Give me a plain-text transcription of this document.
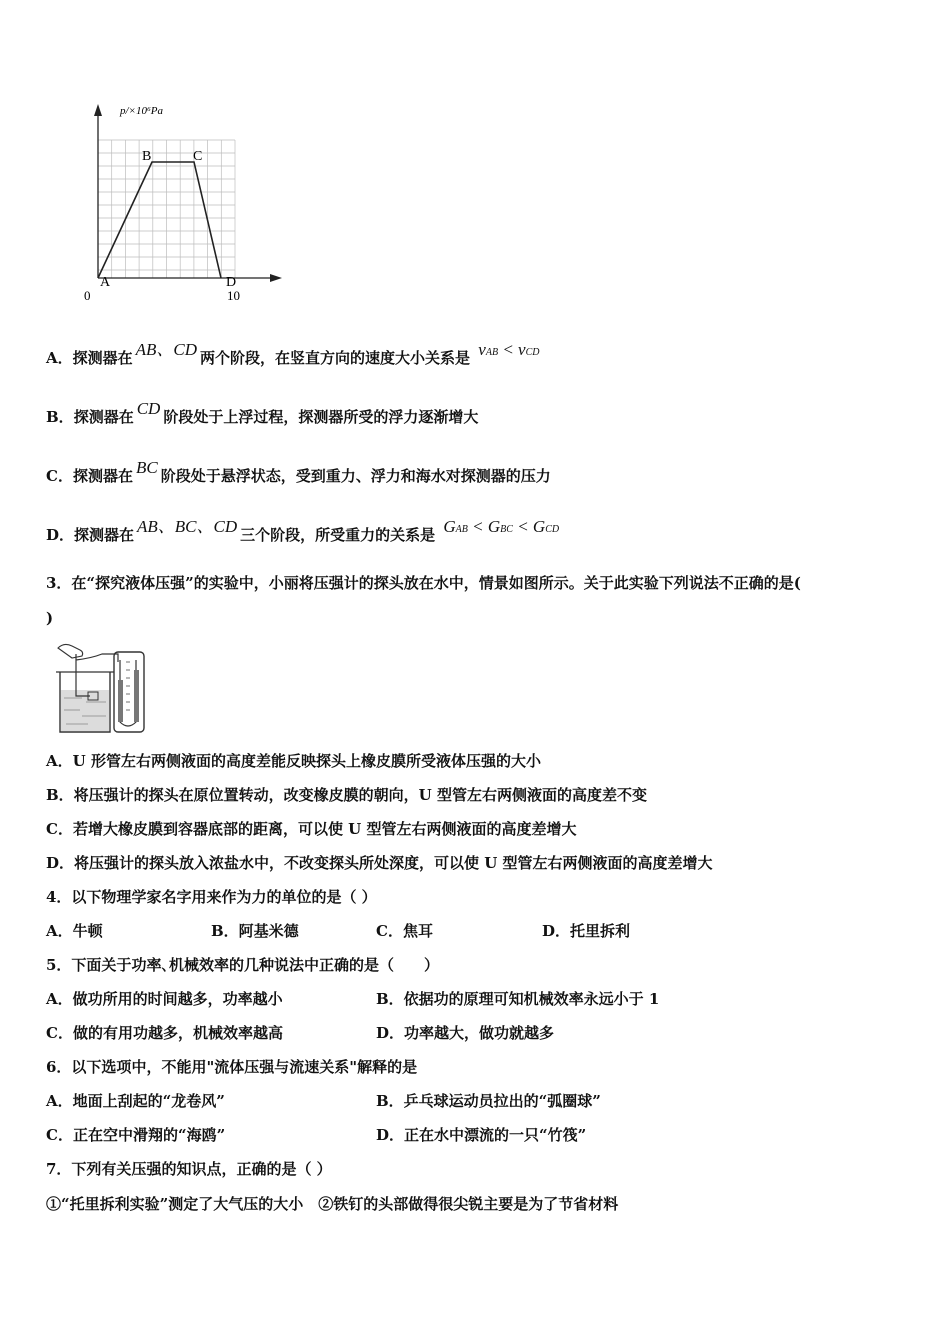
p/×10⁶Pa
0	10
A
B	C
D
A．探测器在 AB、CD 两个阶段，在竖直方向的速度大小关系是 vAB < vCD
B．探测器在 CD 阶段处于上浮过程，探测器所受的浮力逐渐增大
C．探测器在 BC 阶段处于悬浮状态，受到重力、浮力和海水对探测器的压力
D．探测器在 AB、BC、CD 三个阶段，所受重力的关系是 GAB < GBC < GCD
3．在“探究液体压强”的实验中，小丽将压强计的探头放在水中，情景如图所示。关于此实验下列说法不正确的是(
)
A．U 形管左右两侧液面的高度差能反映探头上橡皮膜所受液体压强的大小
B．将压强计的探头在原位置转动，改变橡皮膜的朝向，U 型管左右两侧液面的高度差不变
C．若增大橡皮膜到容器底部的距离，可以使 U 型管左右两侧液面的高度差增大
D．将压强计的探头放入浓盐水中，不改变探头所处深度，可以使 U 型管左右两侧液面的高度差增大
4．以下物理学家名字用来作为力的单位的是（ ）
A．牛顿	B．阿基米德	C．焦耳	D．托里拆利
5．下面关于功率､机械效率的几种说法中正确的是（　　）
A．做功所用的时间越多，功率越小	B．依据功的原理可知机械效率永远小于 1
C．做的有用功越多，机械效率越高	D．功率越大，做功就越多
6．以下选项中，不能用"流体压强与流速关系"解释的是
A．地面上刮起的“龙卷风”	B．乒乓球运动员拉出的“弧圈球”
C．正在空中滑翔的“海鸥”	D．正在水中漂流的一只“竹筏”
7．下列有关压强的知识点，正确的是（ ）
①“托里拆利实验”测定了大气压的大小　②铁钉的头部做得很尖锐主要是为了节省材料
